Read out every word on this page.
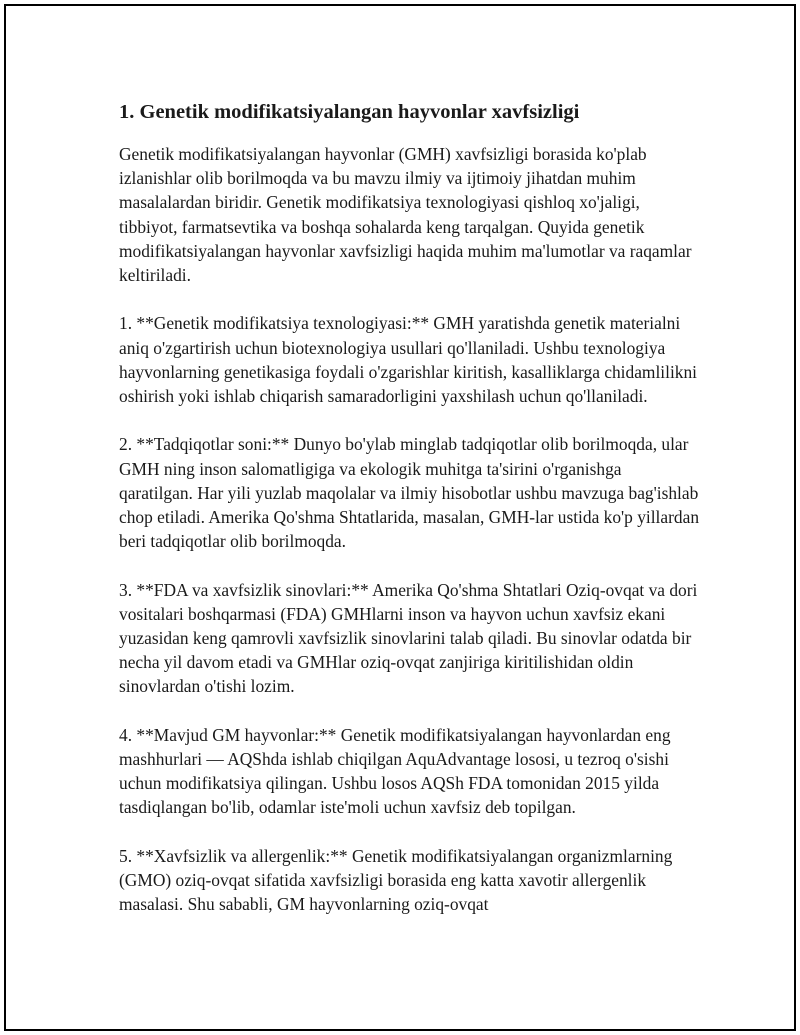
1. Genetik modifikatsiyalangan hayvonlar xavfsizligi

Genetik modifikatsiyalangan hayvonlar (GMH) xavfsizligi borasida ko'plab izlanishlar olib borilmoqda va bu mavzu ilmiy va ijtimoiy jihatdan muhim masalalardan biridir. Genetik modifikatsiya texnologiyasi qishloq xo'jaligi, tibbiyot, farmatsevtika va boshqa sohalarda keng tarqalgan. Quyida genetik modifikatsiyalangan hayvonlar xavfsizligi haqida muhim ma'lumotlar va raqamlar keltiriladi.

1. **Genetik modifikatsiya texnologiyasi:** GMH yaratishda genetik materialni aniq o'zgartirish uchun biotexnologiya usullari qo'llaniladi. Ushbu texnologiya hayvonlarning genetikasiga foydali o'zgarishlar kiritish, kasalliklarga chidamlilikni oshirish yoki ishlab chiqarish samaradorligini yaxshilash uchun qo'llaniladi.

2. **Tadqiqotlar soni:** Dunyo bo'ylab minglab tadqiqotlar olib borilmoqda, ular GMH ning inson salomatligiga va ekologik muhitga ta'sirini o'rganishga qaratilgan. Har yili yuzlab maqolalar va ilmiy hisobotlar ushbu mavzuga bag'ishlab chop etiladi. Amerika Qo'shma Shtatlarida, masalan, GMH-lar ustida ko'p yillardan beri tadqiqotlar olib borilmoqda.

3. **FDA va xavfsizlik sinovlari:** Amerika Qo'shma Shtatlari Oziq-ovqat va dori vositalari boshqarmasi (FDA) GMHlarni inson va hayvon uchun xavfsiz ekani yuzasidan keng qamrovli xavfsizlik sinovlarini talab qiladi. Bu sinovlar odatda bir necha yil davom etadi va GMHlar oziq-ovqat zanjiriga kiritilishidan oldin sinovlardan o'tishi lozim.

4. **Mavjud GM hayvonlar:** Genetik modifikatsiyalangan hayvonlardan eng mashhurlari — AQShda ishlab chiqilgan AquAdvantage lososi, u tezroq o'sishi uchun modifikatsiya qilingan. Ushbu losos AQSh FDA tomonidan 2015 yilda tasdiqlangan bo'lib, odamlar iste'moli uchun xavfsiz deb topilgan.

5. **Xavfsizlik va allergenlik:** Genetik modifikatsiyalangan organizmlarning (GMO) oziq-ovqat sifatida xavfsizligi borasida eng katta xavotir allergenlik masalasi. Shu sababli, GM hayvonlarning oziq-ovqat
